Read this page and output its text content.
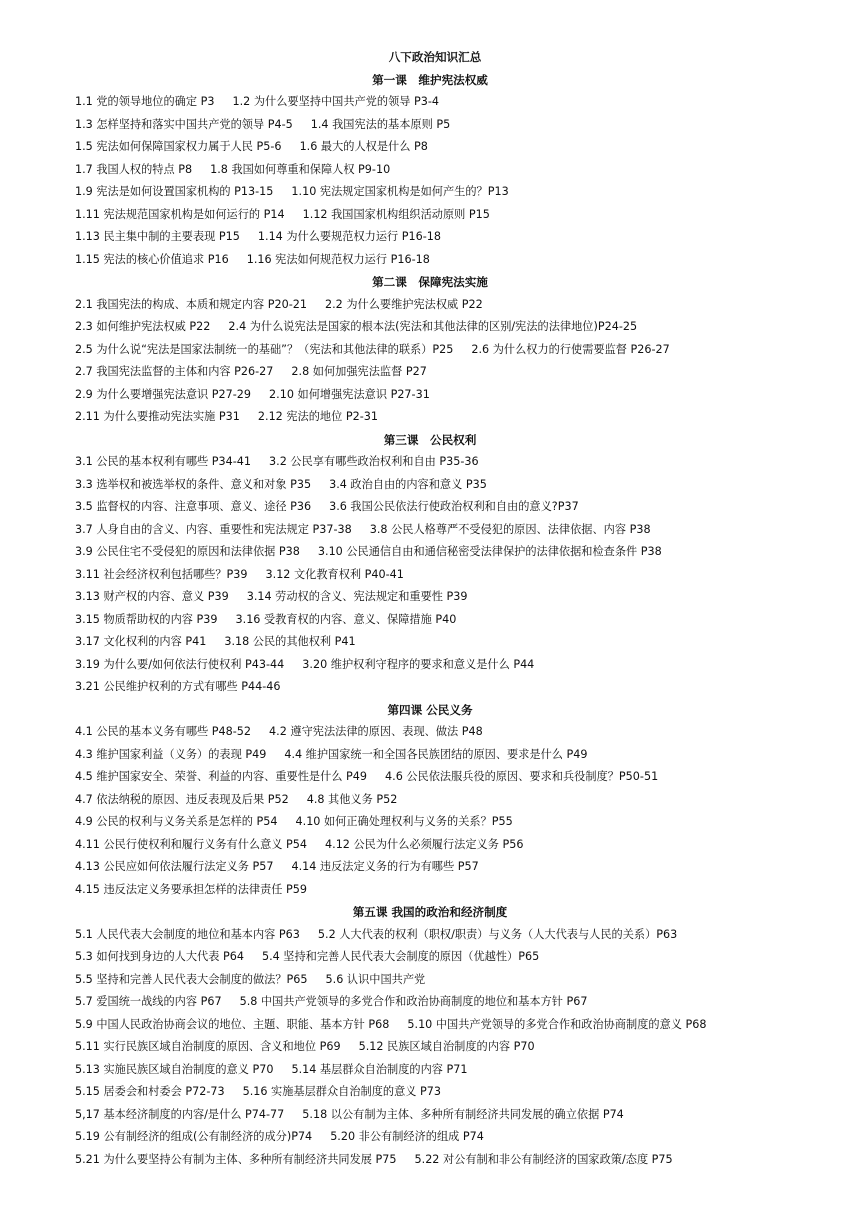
八下政治知识汇总
第一课　维护宪法权威
1.1 党的领导地位的确定 P3 1.2 为什么要坚持中国共产党的领导 P3-4
1.3 怎样坚持和落实中国共产党的领导 P4-5 1.4 我国宪法的基本原则 P5
1.5 宪法如何保障国家权力属于人民 P5-6 1.6 最大的人权是什么 P8
1.7 我国人权的特点 P8 1.8 我国如何尊重和保障人权 P9-10
1.9 宪法是如何设置国家机构的 P13-15 1.10 宪法规定国家机构是如何产生的？P13
1.11 宪法规范国家机构是如何运行的 P14 1.12 我国国家机构组织活动原则 P15
1.13 民主集中制的主要表现 P15 1.14 为什么要规范权力运行 P16-18
1.15 宪法的核心价值追求 P16 1.16 宪法如何规范权力运行 P16-18
第二课　保障宪法实施
2.1 我国宪法的构成、本质和规定内容 P20-21 2.2 为什么要维护宪法权威 P22
2.3 如何维护宪法权威 P22 2.4 为什么说宪法是国家的根本法(宪法和其他法律的区别/宪法的法律地位)P24-25
2.5 为什么说“宪法是国家法制统一的基础”？（宪法和其他法律的联系）P25 2.6 为什么权力的行使需要监督 P26-27
2.7 我国宪法监督的主体和内容 P26-27 2.8 如何加强宪法监督 P27
2.9 为什么要增强宪法意识 P27-29 2.10 如何增强宪法意识 P27-31
2.11 为什么要推动宪法实施 P31 2.12 宪法的地位 P2-31
第三课　公民权利
3.1 公民的基本权利有哪些 P34-41 3.2 公民享有哪些政治权利和自由 P35-36
3.3 选举权和被选举权的条件、意义和对象 P35 3.4 政治自由的内容和意义 P35
3.5 监督权的内容、注意事项、意义、途径 P36 3.6 我国公民依法行使政治权利和自由的意义?P37
3.7 人身自由的含义、内容、重要性和宪法规定 P37-38 3.8 公民人格尊严不受侵犯的原因、法律依据、内容 P38
3.9 公民住宅不受侵犯的原因和法律依据 P38 3.10 公民通信自由和通信秘密受法律保护的法律依据和检查条件 P38
3.11 社会经济权利包括哪些？P39 3.12 文化教育权利 P40-41
3.13 财产权的内容、意义 P39 3.14 劳动权的含义、宪法规定和重要性 P39
3.15 物质帮助权的内容 P39 3.16 受教育权的内容、意义、保障措施 P40
3.17 文化权利的内容 P41 3.18 公民的其他权利 P41
3.19 为什么要/如何依法行使权利 P43-44 3.20 维护权利守程序的要求和意义是什么 P44
3.21 公民维护权利的方式有哪些 P44-46
第四课 公民义务
4.1 公民的基本义务有哪些 P48-52 4.2 遵守宪法法律的原因、表现、做法 P48
4.3 维护国家利益（义务）的表现 P49 4.4 维护国家统一和全国各民族团结的原因、要求是什么 P49
4.5 维护国家安全、荣誉、利益的内容、重要性是什么 P49 4.6 公民依法服兵役的原因、要求和兵役制度？P50-51
4.7 依法纳税的原因、违反表现及后果 P52 4.8 其他义务 P52
4.9 公民的权利与义务关系是怎样的 P54 4.10 如何正确处理权利与义务的关系？P55
4.11 公民行使权利和履行义务有什么意义 P54 4.12 公民为什么必须履行法定义务 P56
4.13 公民应如何依法履行法定义务 P57 4.14 违反法定义务的行为有哪些 P57
4.15 违反法定义务要承担怎样的法律责任 P59
第五课 我国的政治和经济制度
5.1 人民代表大会制度的地位和基本内容 P63 5.2 人大代表的权利（职权/职责）与义务（人大代表与人民的关系）P63
5.3 如何找到身边的人大代表 P64 5.4 坚持和完善人民代表大会制度的原因（优越性）P65
5.5 坚持和完善人民代表大会制度的做法？P65 5.6 认识中国共产党
5.7 爱国统一战线的内容 P67 5.8 中国共产党领导的多党合作和政治协商制度的地位和基本方针 P67
5.9 中国人民政治协商会议的地位、主题、职能、基本方针 P68 5.10 中国共产党领导的多党合作和政治协商制度的意义 P68
5.11 实行民族区域自治制度的原因、含义和地位 P69 5.12 民族区域自治制度的内容 P70
5.13 实施民族区域自治制度的意义 P70 5.14 基层群众自治制度的内容 P71
5.15 居委会和村委会 P72-73 5.16 实施基层群众自治制度的意义 P73
5,17 基本经济制度的内容/是什么 P74-77 5.18 以公有制为主体、多种所有制经济共同发展的确立依据 P74
5.19 公有制经济的组成(公有制经济的成分)P74 5.20 非公有制经济的组成 P74
5.21 为什么要坚持公有制为主体、多种所有制经济共同发展 P75 5.22 对公有制和非公有制经济的国家政策/态度 P75
